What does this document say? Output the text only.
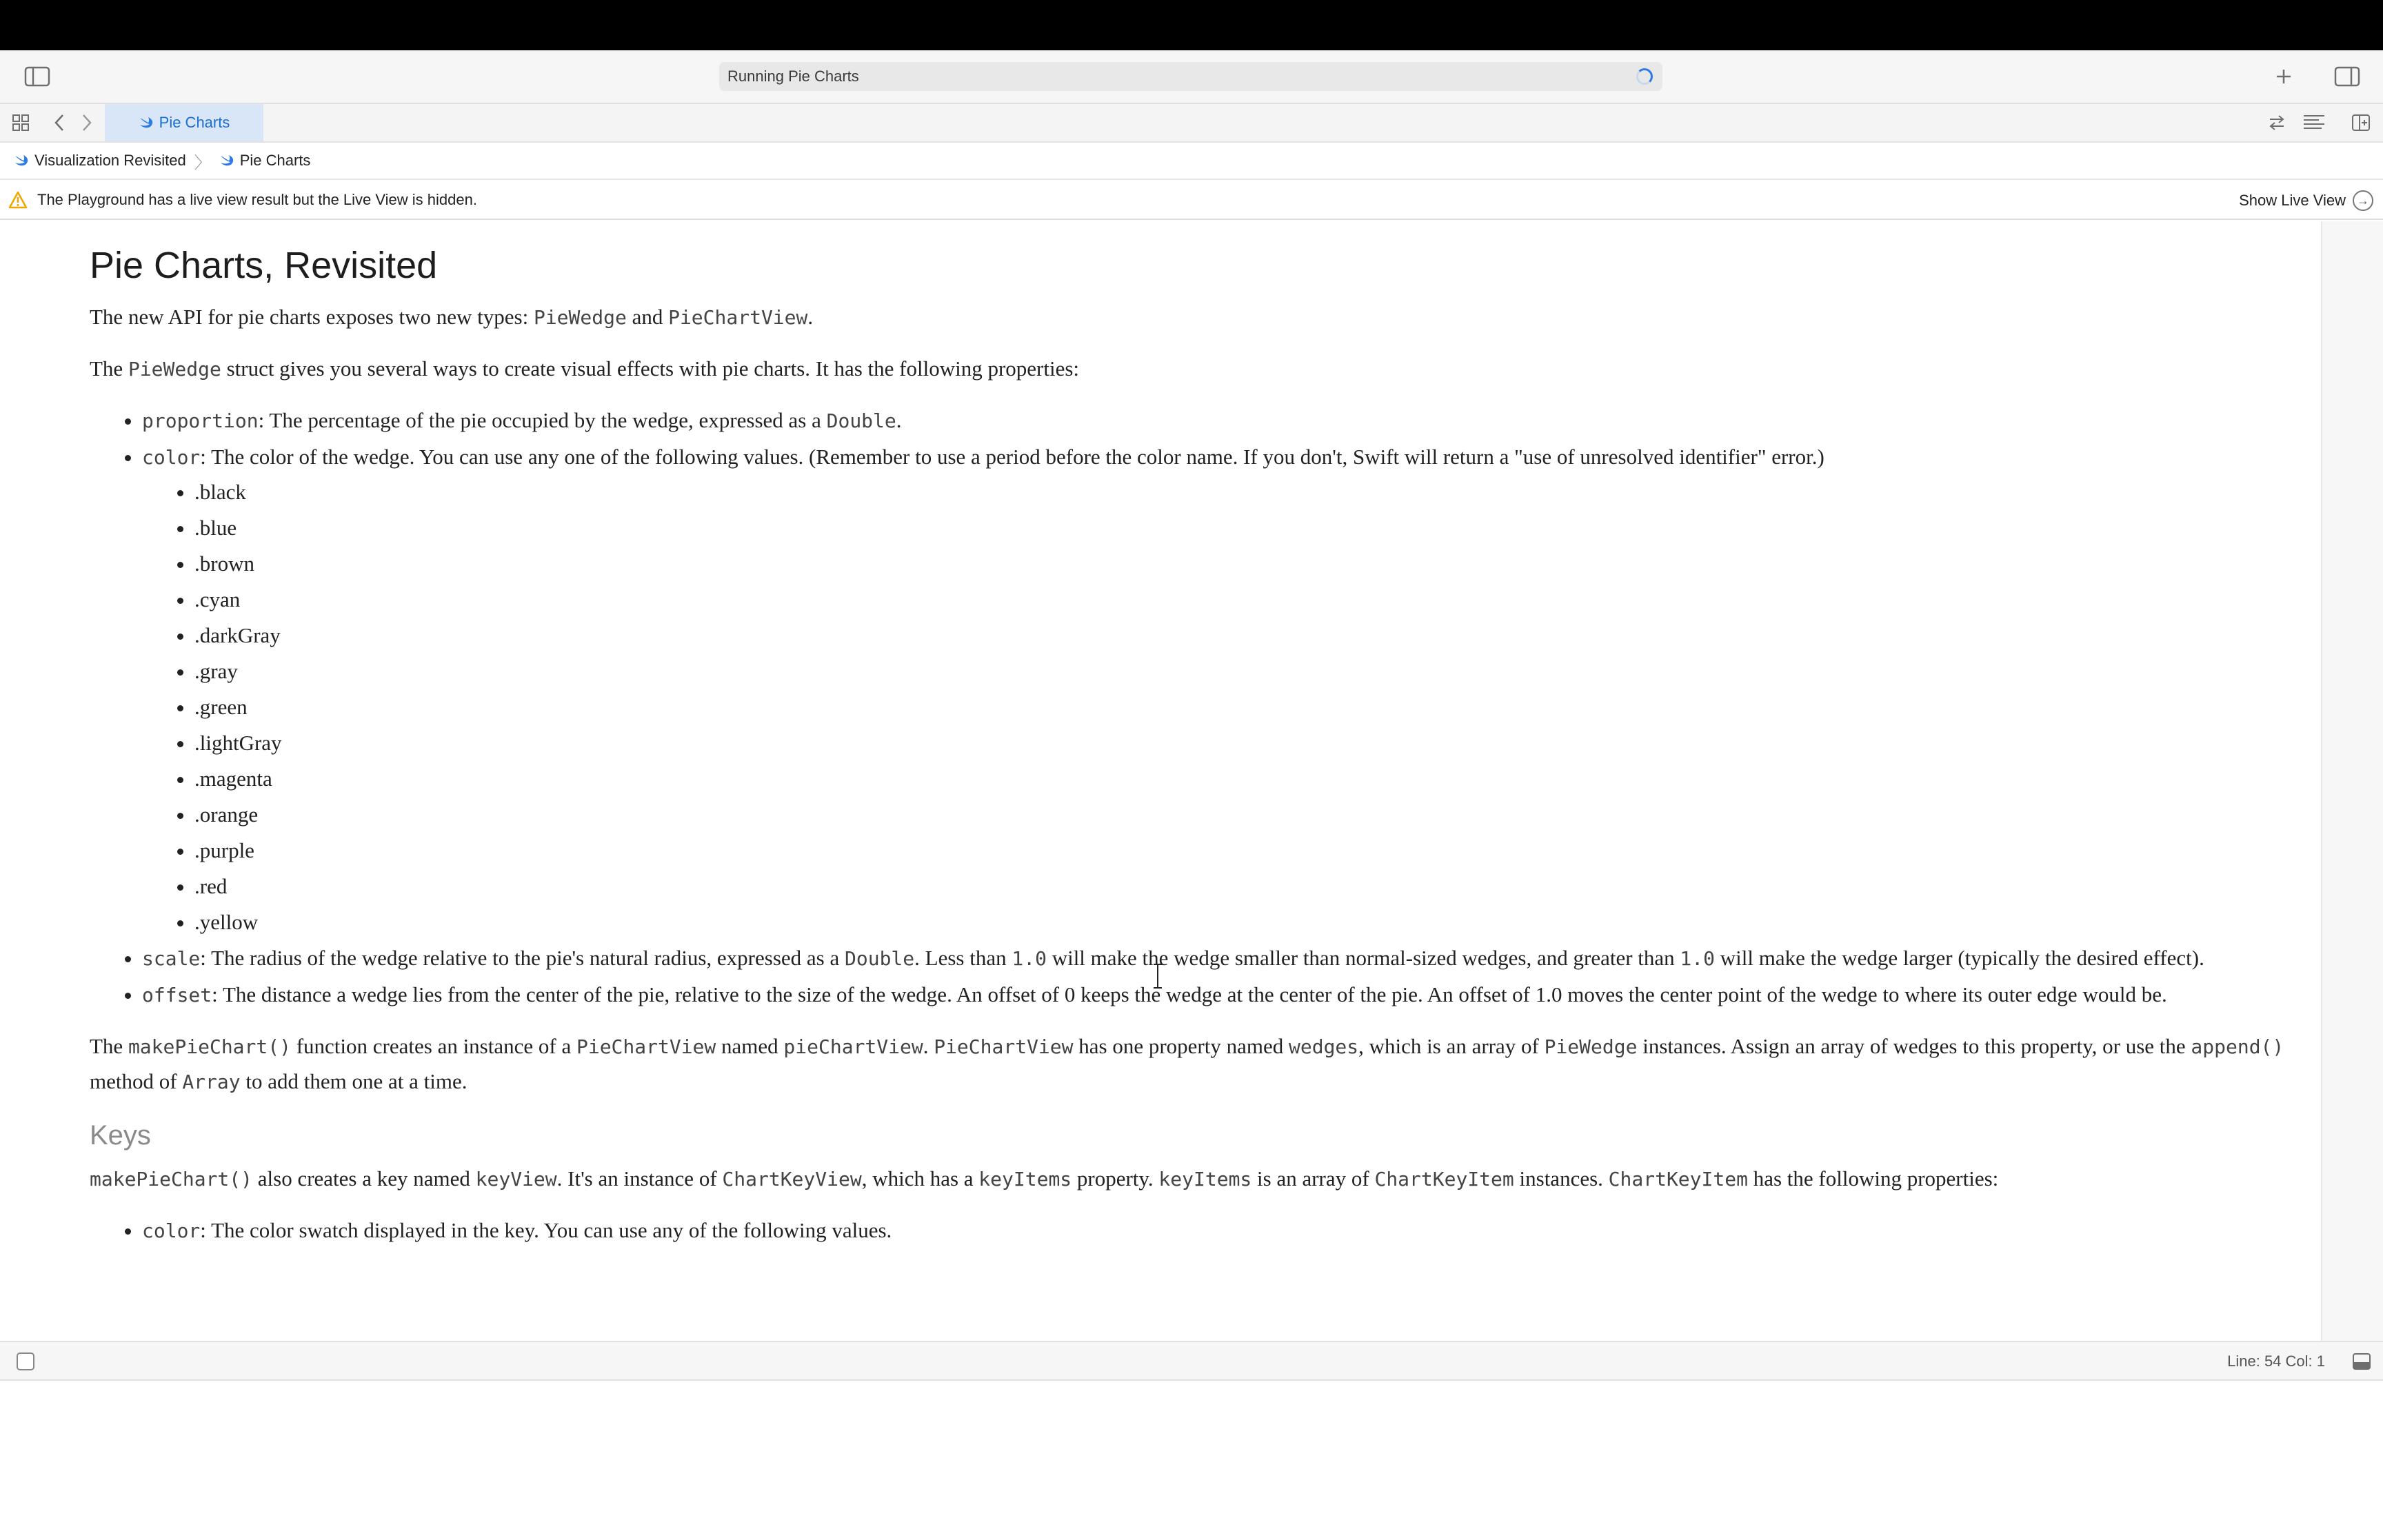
Running Pie Charts
Pie Charts
Visualization Revisited 〉 Pie Charts
The Playground has a live view result but the Live View is hidden.	Show Live View →
Pie Charts, Revisited

The new API for pie charts exposes two new types: PieWedge and PieChartView.

The PieWedge struct gives you several ways to create visual effects with pie charts. It has the following properties:

• proportion: The percentage of the pie occupied by the wedge, expressed as a Double.
• color: The color of the wedge. You can use any one of the following values. (Remember to use a period before the color name. If you don't, Swift will return a "use of unresolved identifier" error.)
• .black
• .blue
• .brown
• .cyan
• .darkGray
• .gray
• .green
• .lightGray
• .magenta
• .orange
• .purple
• .red
• .yellow
• scale: The radius of the wedge relative to the pie's natural radius, expressed as a Double. Less than 1.0 will make the wedge smaller than normal-sized wedges, and greater than 1.0 will make the wedge larger (typically the desired effect).
• offset: The distance a wedge lies from the center of the pie, relative to the size of the wedge. An offset of 0 keeps the wedge at the center of the pie. An offset of 1.0 moves the center point of the wedge to where its outer edge would be.

The makePieChart() function creates an instance of a PieChartView named pieChartView. PieChartView has one property named wedges, which is an array of PieWedge instances. Assign an array of wedges to this property, or use the append() method of Array to add them one at a time.

Keys

makePieChart() also creates a key named keyView. It's an instance of ChartKeyView, which has a keyItems property. keyItems is an array of ChartKeyItem instances. ChartKeyItem has the following properties:

• color: The color swatch displayed in the key. You can use any of the following values.
Line: 54 Col: 1
